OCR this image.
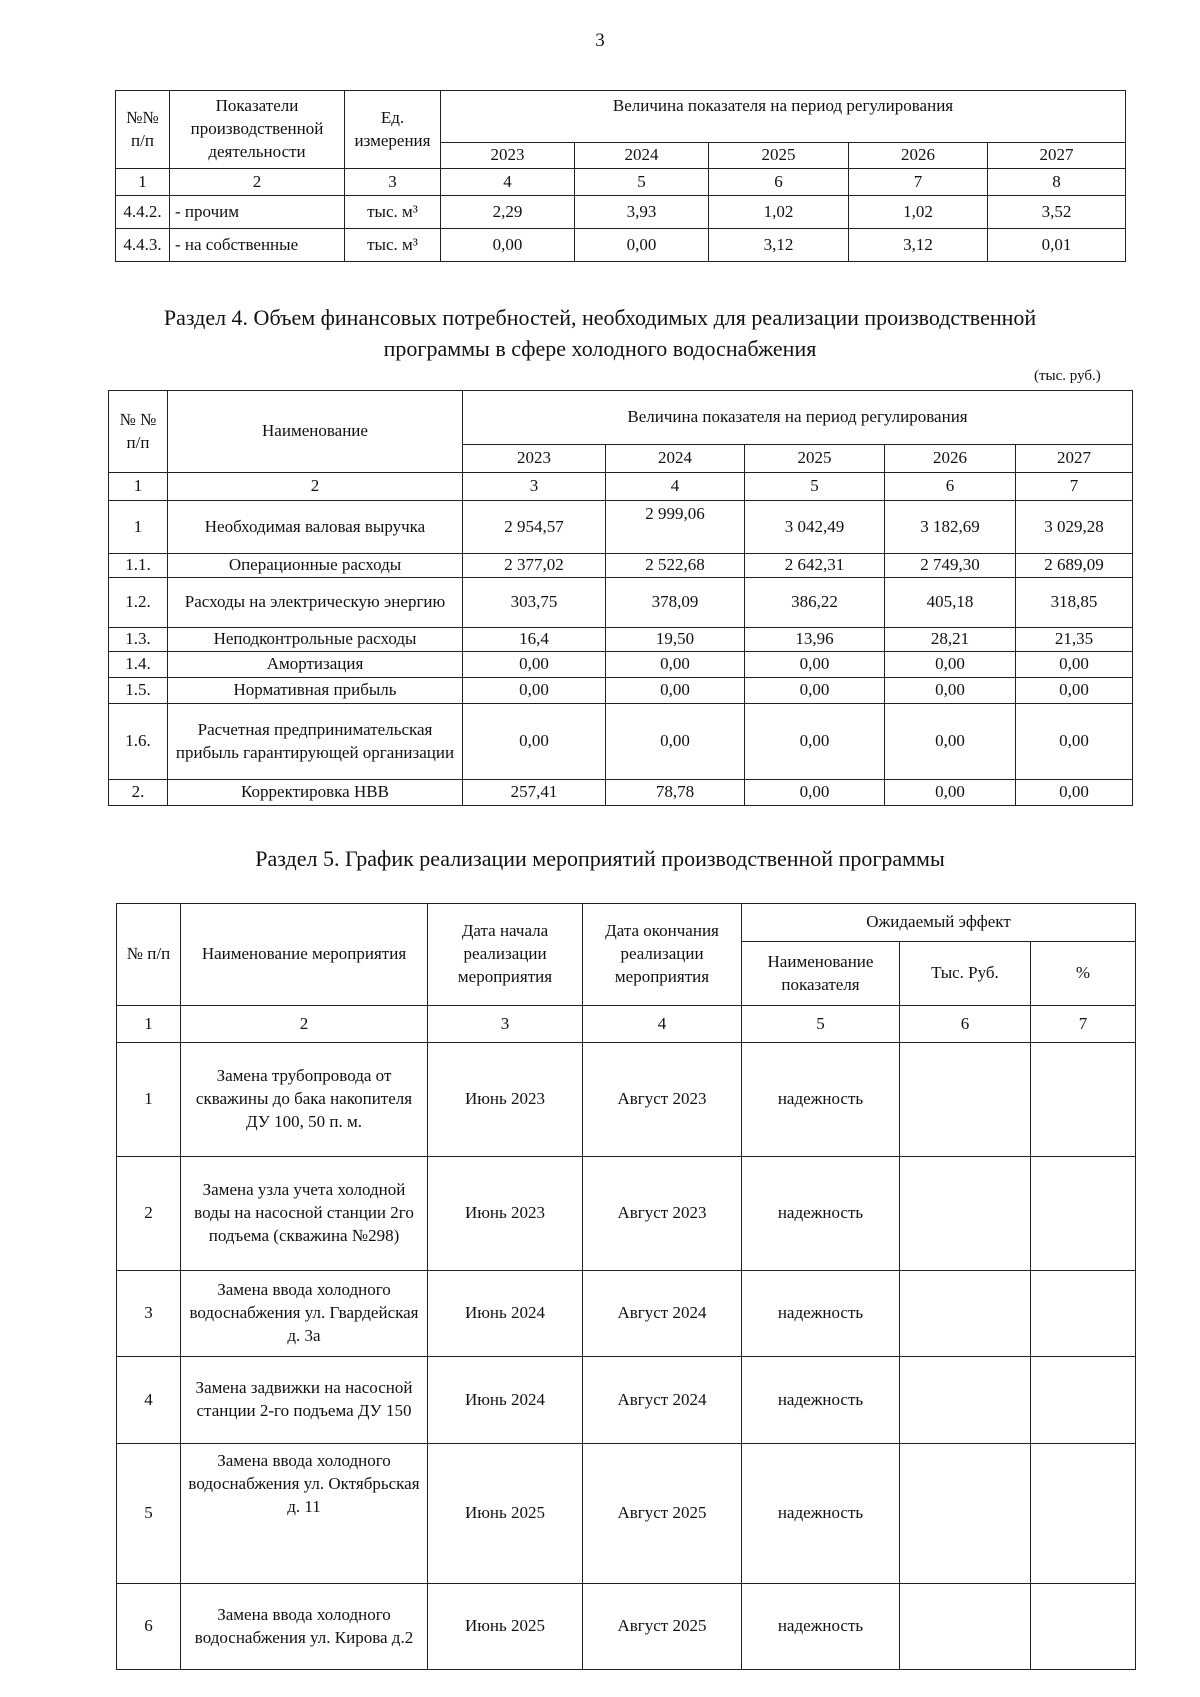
3
№№ п/п	Показатели производственной деятельности	Ед. измерения	Величина показателя на период регулирования				
			2023	2024	2025	2026	2027
1	2	3	4	5	6	7	8
4.4.2.	- прочим	тыс. м³	2,29	3,93	1,02	1,02	3,52
4.4.3.	- на собственные	тыс. м³	0,00	0,00	3,12	3,12	0,01
Раздел 4. Объем финансовых потребностей, необходимых для реализации производственной
программы в сфере холодного водоснабжения
(тыс. руб.)
№ № п/п	Наименование	Величина показателя на период регулирования				
		2023	2024	2025	2026	2027
1	2	3	4	5	6	7
1	Необходимая валовая выручка	2 954,57	2 999,06	3 042,49	3 182,69	3 029,28
1.1.	Операционные расходы	2 377,02	2 522,68	2 642,31	2 749,30	2 689,09
1.2.	Расходы на электрическую энергию	303,75	378,09	386,22	405,18	318,85
1.3.	Неподконтрольные расходы	16,4	19,50	13,96	28,21	21,35
1.4.	Амортизация	0,00	0,00	0,00	0,00	0,00
1.5.	Нормативная прибыль	0,00	0,00	0,00	0,00	0,00
1.6.	Расчетная предпринимательская прибыль гарантирующей организации	0,00	0,00	0,00	0,00	0,00
2.	Корректировка НВВ	257,41	78,78	0,00	0,00	0,00
Раздел 5. График реализации мероприятий производственной программы
№ п/п	Наименование мероприятия	Дата начала реализации мероприятия	Дата окончания реализации мероприятия	Ожидаемый эффект		
				Наименование показателя	Тыс. Руб.	%
1	2	3	4	5	6	7
1	Замена трубопровода от скважины до бака накопителя ДУ 100, 50 п. м.	Июнь 2023	Август 2023	надежность		
2	Замена узла учета холодной воды на насосной станции 2го подъема (скважина №298)	Июнь 2023	Август 2023	надежность		
3	Замена ввода холодного водоснабжения ул. Гвардейская д. 3а	Июнь 2024	Август 2024	надежность		
4	Замена задвижки на насосной станции 2-го подъема ДУ 150	Июнь 2024	Август 2024	надежность		
5	Замена ввода холодного водоснабжения ул. Октябрьская д. 11	Июнь 2025	Август 2025	надежность		
6	Замена ввода холодного водоснабжения ул. Кирова д.2	Июнь 2025	Август 2025	надежность		
